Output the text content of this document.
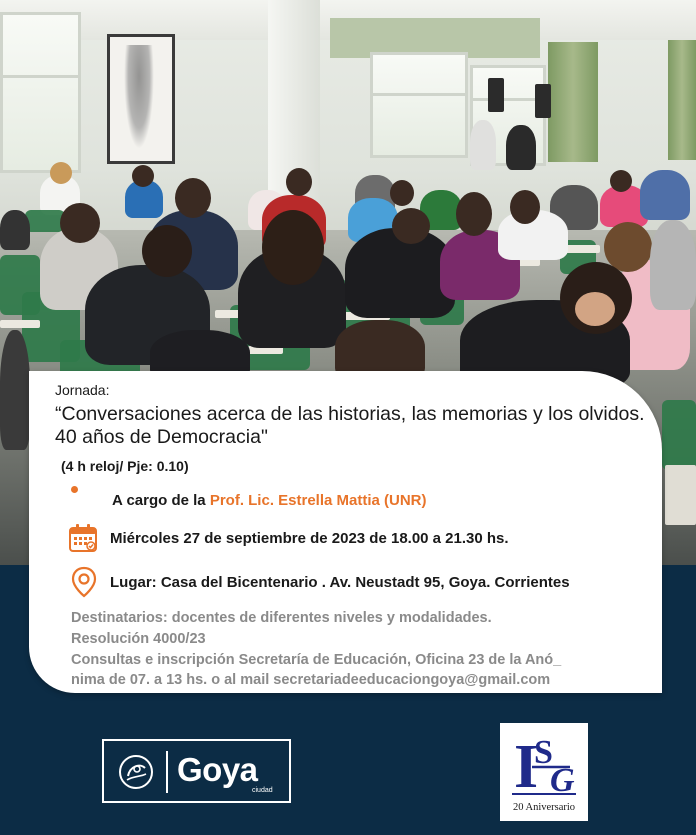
Jornada:
“Conversaciones acerca de las historias, las memorias y los olvidos. 40 años de Democracia"
(4 h reloj/ Pje: 0.10)
A cargo de la Prof. Lic. Estrella Mattia (UNR)
Miércoles 27 de septiembre de 2023 de 18.00 a 21.30 hs.
Lugar: Casa del Bicentenario . Av. Neustadt 95, Goya. Corrientes
Destinatarios: docentes de diferentes niveles y modalidades.
Resolución 4000/23
Consultas e inscripción Secretaría de Educación, Oficina 23 de la Anó_
nima de 07. a 13 hs. o al mail secretariadeeducaciongoya@gmail.com
Goya
ciudad	I
S
G
20 Aniversario
